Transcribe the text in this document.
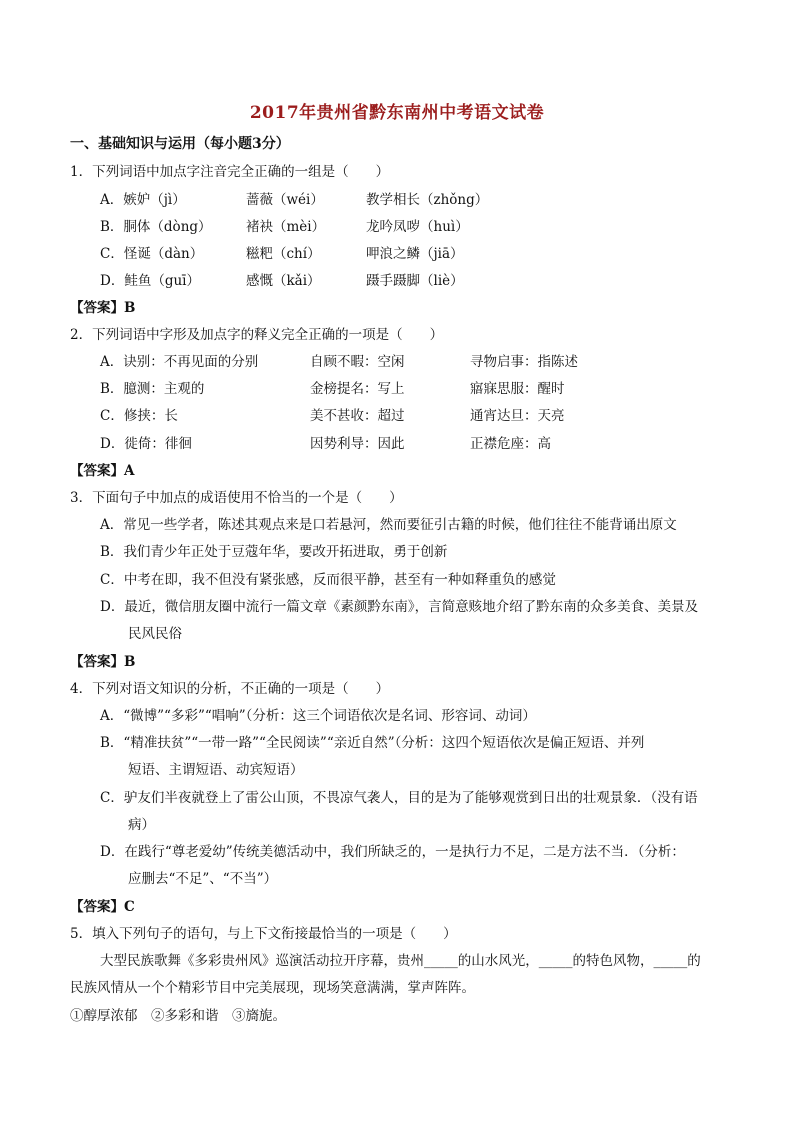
2017年贵州省黔东南州中考语文试卷
一、基础知识与运用（每小题3分）
1．下列词语中加点字注音完全正确的一组是（　　）
A．嫉妒（jì）	蔷薇（wéi）	教学相长（zhǒng）
B．胴体（dòng）	褚袂（mèi）	龙吟凤哕（huì）
C．怪诞（dàn）	糍粑（chí）	呷浪之鳞（jiā）
D．鲑鱼（guī）	感慨（kǎi）	蹑手蹑脚（liè）
【答案】B
2．下列词语中字形及加点字的释义完全正确的一项是（　　）
A．诀别：不再见面的分别	自顾不暇：空闲	寻物启事：指陈述
B．臆测：主观的	金榜提名：写上	寤寐思服：醒时
C．修挟：长	美不甚收：超过	通宵达旦：天亮
D．徙倚：徘徊	因势利导：因此	正襟危座：高
【答案】A
3．下面句子中加点的成语使用不恰当的一个是（　　）
A．常见一些学者，陈述其观点来是口若悬河，然而要征引古籍的时候，他们往往不能背诵出原文
B．我们青少年正处于豆蔻年华，要改开拓进取，勇于创新
C．中考在即，我不但没有紧张感，反而很平静，甚至有一种如释重负的感觉
D．最近，微信朋友圈中流行一篇文章《素颜黔东南》，言简意赅地介绍了黔东南的众多美食、美景及
民风民俗
【答案】B
4．下列对语文知识的分析，不正确的一项是（　　）
A．“微博”“多彩”“唱响”（分析：这三个词语依次是名词、形容词、动词）
B．“精准扶贫”“一带一路”“全民阅读”“亲近自然”（分析：这四个短语依次是偏正短语、并列
短语、主谓短语、动宾短语）
C．驴友们半夜就登上了雷公山顶，不畏凉气袭人，目的是为了能够观赏到日出的壮观景象．（没有语
病）
D．在践行“尊老爱幼”传统美德活动中，我们所缺乏的，一是执行力不足，二是方法不当．（分析：
应删去“不足”、“不当”）
【答案】C
5．填入下列句子的语句，与上下文衔接最恰当的一项是（　　）
大型民族歌舞《多彩贵州风》巡演活动拉开序幕，贵州_____的山水风光，_____的特色风物，_____的
民族风情从一个个精彩节目中完美展现，现场笑意满满，掌声阵阵。
①醇厚浓郁　②多彩和谐　③旖旎。
